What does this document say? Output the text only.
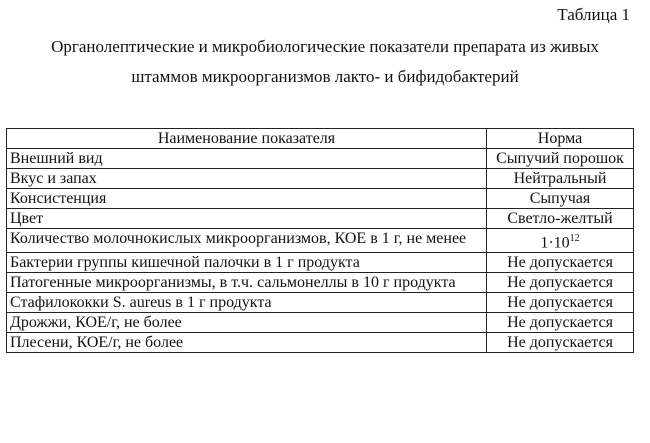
Таблица 1
Органолептические и микробиологические показатели препарата из живых
штаммов микроорганизмов лакто- и бифидобактерий
Наименование показателя	Норма
Внешний вид	Сыпучий порошок
Вкус и запах	Нейтральный
Консистенция	Сыпучая
Цвет	Светло-желтый
Количество молочнокислых микроорганизмов, КОЕ в 1 г, не менее	$1\cdot 10^{12}$
Бактерии группы кишечной палочки в 1 г продукта	Не допускается
Патогенные микроорганизмы, в т.ч. сальмонеллы в 10 г продукта	Не допускается
Стафилококки S. aureus в 1 г продукта	Не допускается
Дрожжи, КОЕ/г, не более	Не допускается
Плесени, КОЕ/г, не более	Не допускается
